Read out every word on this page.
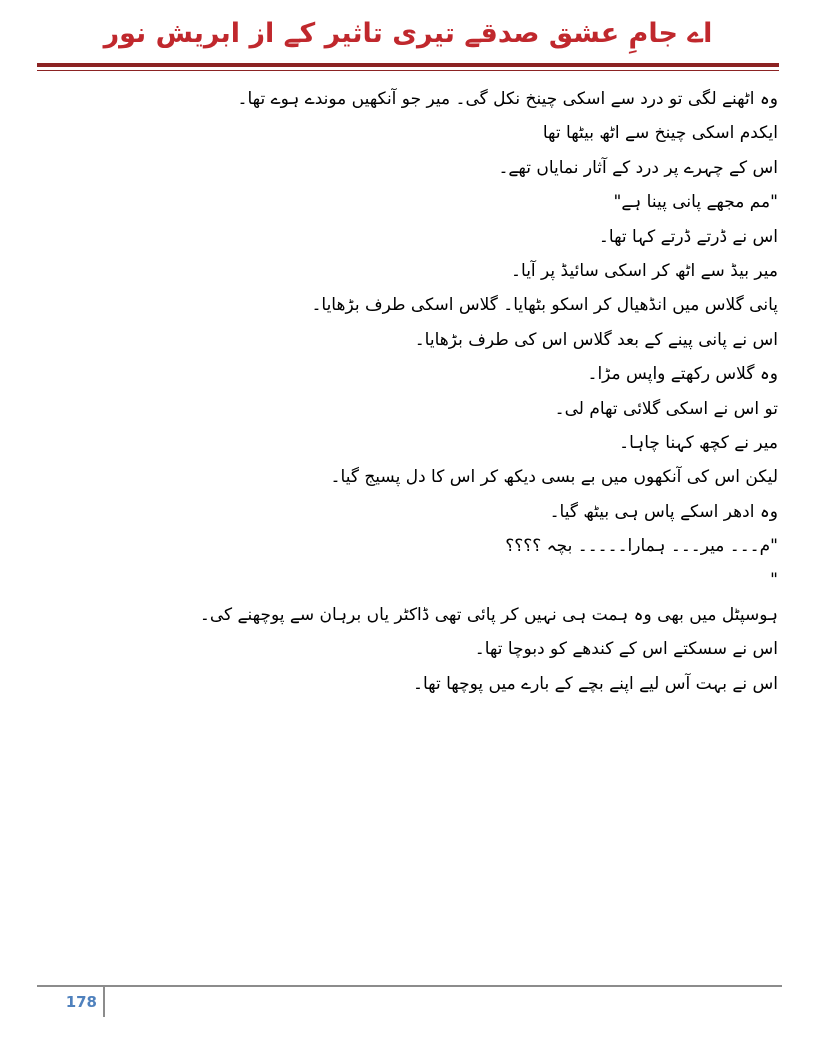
اے جامِ عشق صدقے تیری تاثیر کے از ابریش نور
وہ اٹھنے لگی تو درد سے اسکی چینخ نکل گی۔ میر جو آنکھیں موندے ہوے تھا۔
ایکدم اسکی چینخ سے اٹھ بیٹھا تھا
اس کے چہرے پر درد کے آثار نمایاں تھے۔
"مم مجھے پانی پینا ہے"
اس نے ڈرتے ڈرتے کہا تھا۔
میر بیڈ سے اٹھ کر اسکی سائیڈ پر آیا۔
پانی گلاس میں انڈھیال کر اسکو بٹھایا۔ گلاس اسکی طرف بڑھایا۔
اس نے پانی پینے کے بعد گلاس اس کی طرف بڑھایا۔
وہ گلاس رکھتے واپس مڑا۔
تو اس نے اسکی گلائی تھام لی۔
میر نے کچھ کہنا چاہا۔
لیکن اس کی آنکھوں میں بے بسی دیکھ کر اس کا دل پسیج گیا۔
وہ ادھر اسکے پاس ہی بیٹھ گیا۔
"م۔۔۔ میر۔۔۔ ہمارا۔۔۔۔۔ بچہ ؟؟؟؟
"
ہوسپٹل میں بھی وہ ہمت ہی نہیں کر پائی تھی ڈاکٹر یاں برہان سے پوچھنے کی۔
اس نے سسکتے اس کے کندھے کو دبوچا تھا۔
اس نے بہت آس لیے اپنے بچے کے بارے میں پوچھا تھا۔
178
